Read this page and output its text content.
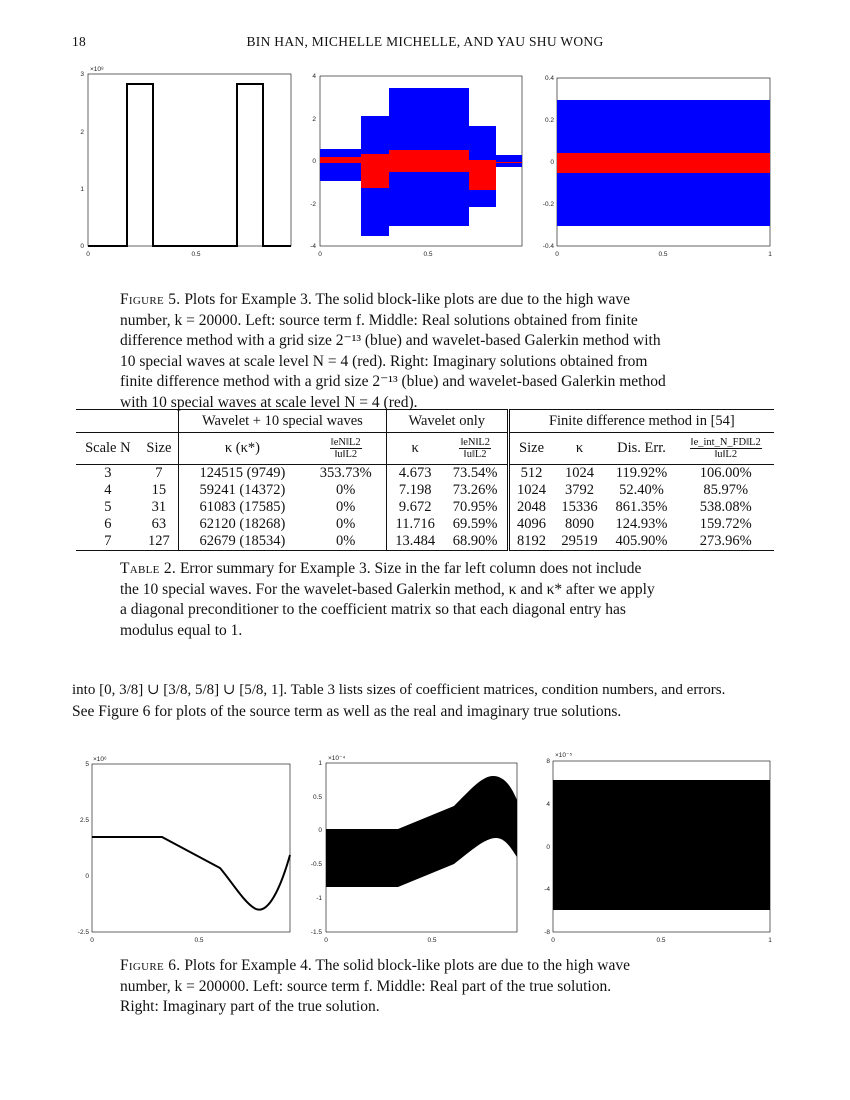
18	BIN HAN, MICHELLE MICHELLE, AND YAU SHU WONG
×10⁸
3
2
1
0
0	0.5
4
2
0
-2
-4
0	0.5
0.4
0.2
0
-0.2
-0.4
0	0.5	1
×10⁶
5
2.5
0
-2.5
0	0.5
×10⁻⁴
1
0.5
0
-0.5
-1
-1.5
0	0.5
×10⁻⁵
8
4
0
-4
-8
0	0.5	1
Figure 5. Plots for Example 3. The solid block-like plots are due to the high wave
number, k = 20000. Left: source term f. Middle: Real solutions obtained from finite
difference method with a grid size 2⁻¹³ (blue) and wavelet-based Galerkin method with
10 special waves at scale level N = 4 (red). Right: Imaginary solutions obtained from
finite difference method with a grid size 2⁻¹³ (blue) and wavelet-based Galerkin method
with 10 special waves at scale level N = 4 (red).
		Wavelet + 10 special waves		Wavelet only		Finite difference method in [54]			
Scale N	Size	κ (κ*)	$\frac{‖eN‖L2}{‖u‖L2}$	κ	$\frac{‖eN‖L2}{‖u‖L2}$	Size	κ	Dis. Err.	$\frac{\text{‖e\_int\_N\_FD‖L2}}{‖u‖L2}$

3	7	124515 (9749)	353.73%	4.673	73.54%	512	1024	119.92%	106.00%
4	15	59241 (14372)	0%	7.198	73.26%	1024	3792	52.40%	85.97%
5	31	61083 (17585)	0%	9.672	70.95%	2048	15336	861.35%	538.08%
6	63	62120 (18268)	0%	11.716	69.59%	4096	8090	124.93%	159.72%
7	127	62679 (18534)	0%	13.484	68.90%	8192	29519	405.90%	273.96%
Table 2. Error summary for Example 3. Size in the far left column does not include
the 10 special waves. For the wavelet-based Galerkin method, κ and κ* after we apply
a diagonal preconditioner to the coefficient matrix so that each diagonal entry has
modulus equal to 1.
into [0, 3/8] ∪ [3/8, 5/8] ∪ [5/8, 1]. Table 3 lists sizes of coefficient matrices, condition numbers, and errors.
See Figure 6 for plots of the source term as well as the real and imaginary true solutions.
Figure 6. Plots for Example 4. The solid block-like plots are due to the high wave
number, k = 200000. Left: source term f. Middle: Real part of the true solution.
Right: Imaginary part of the true solution.
